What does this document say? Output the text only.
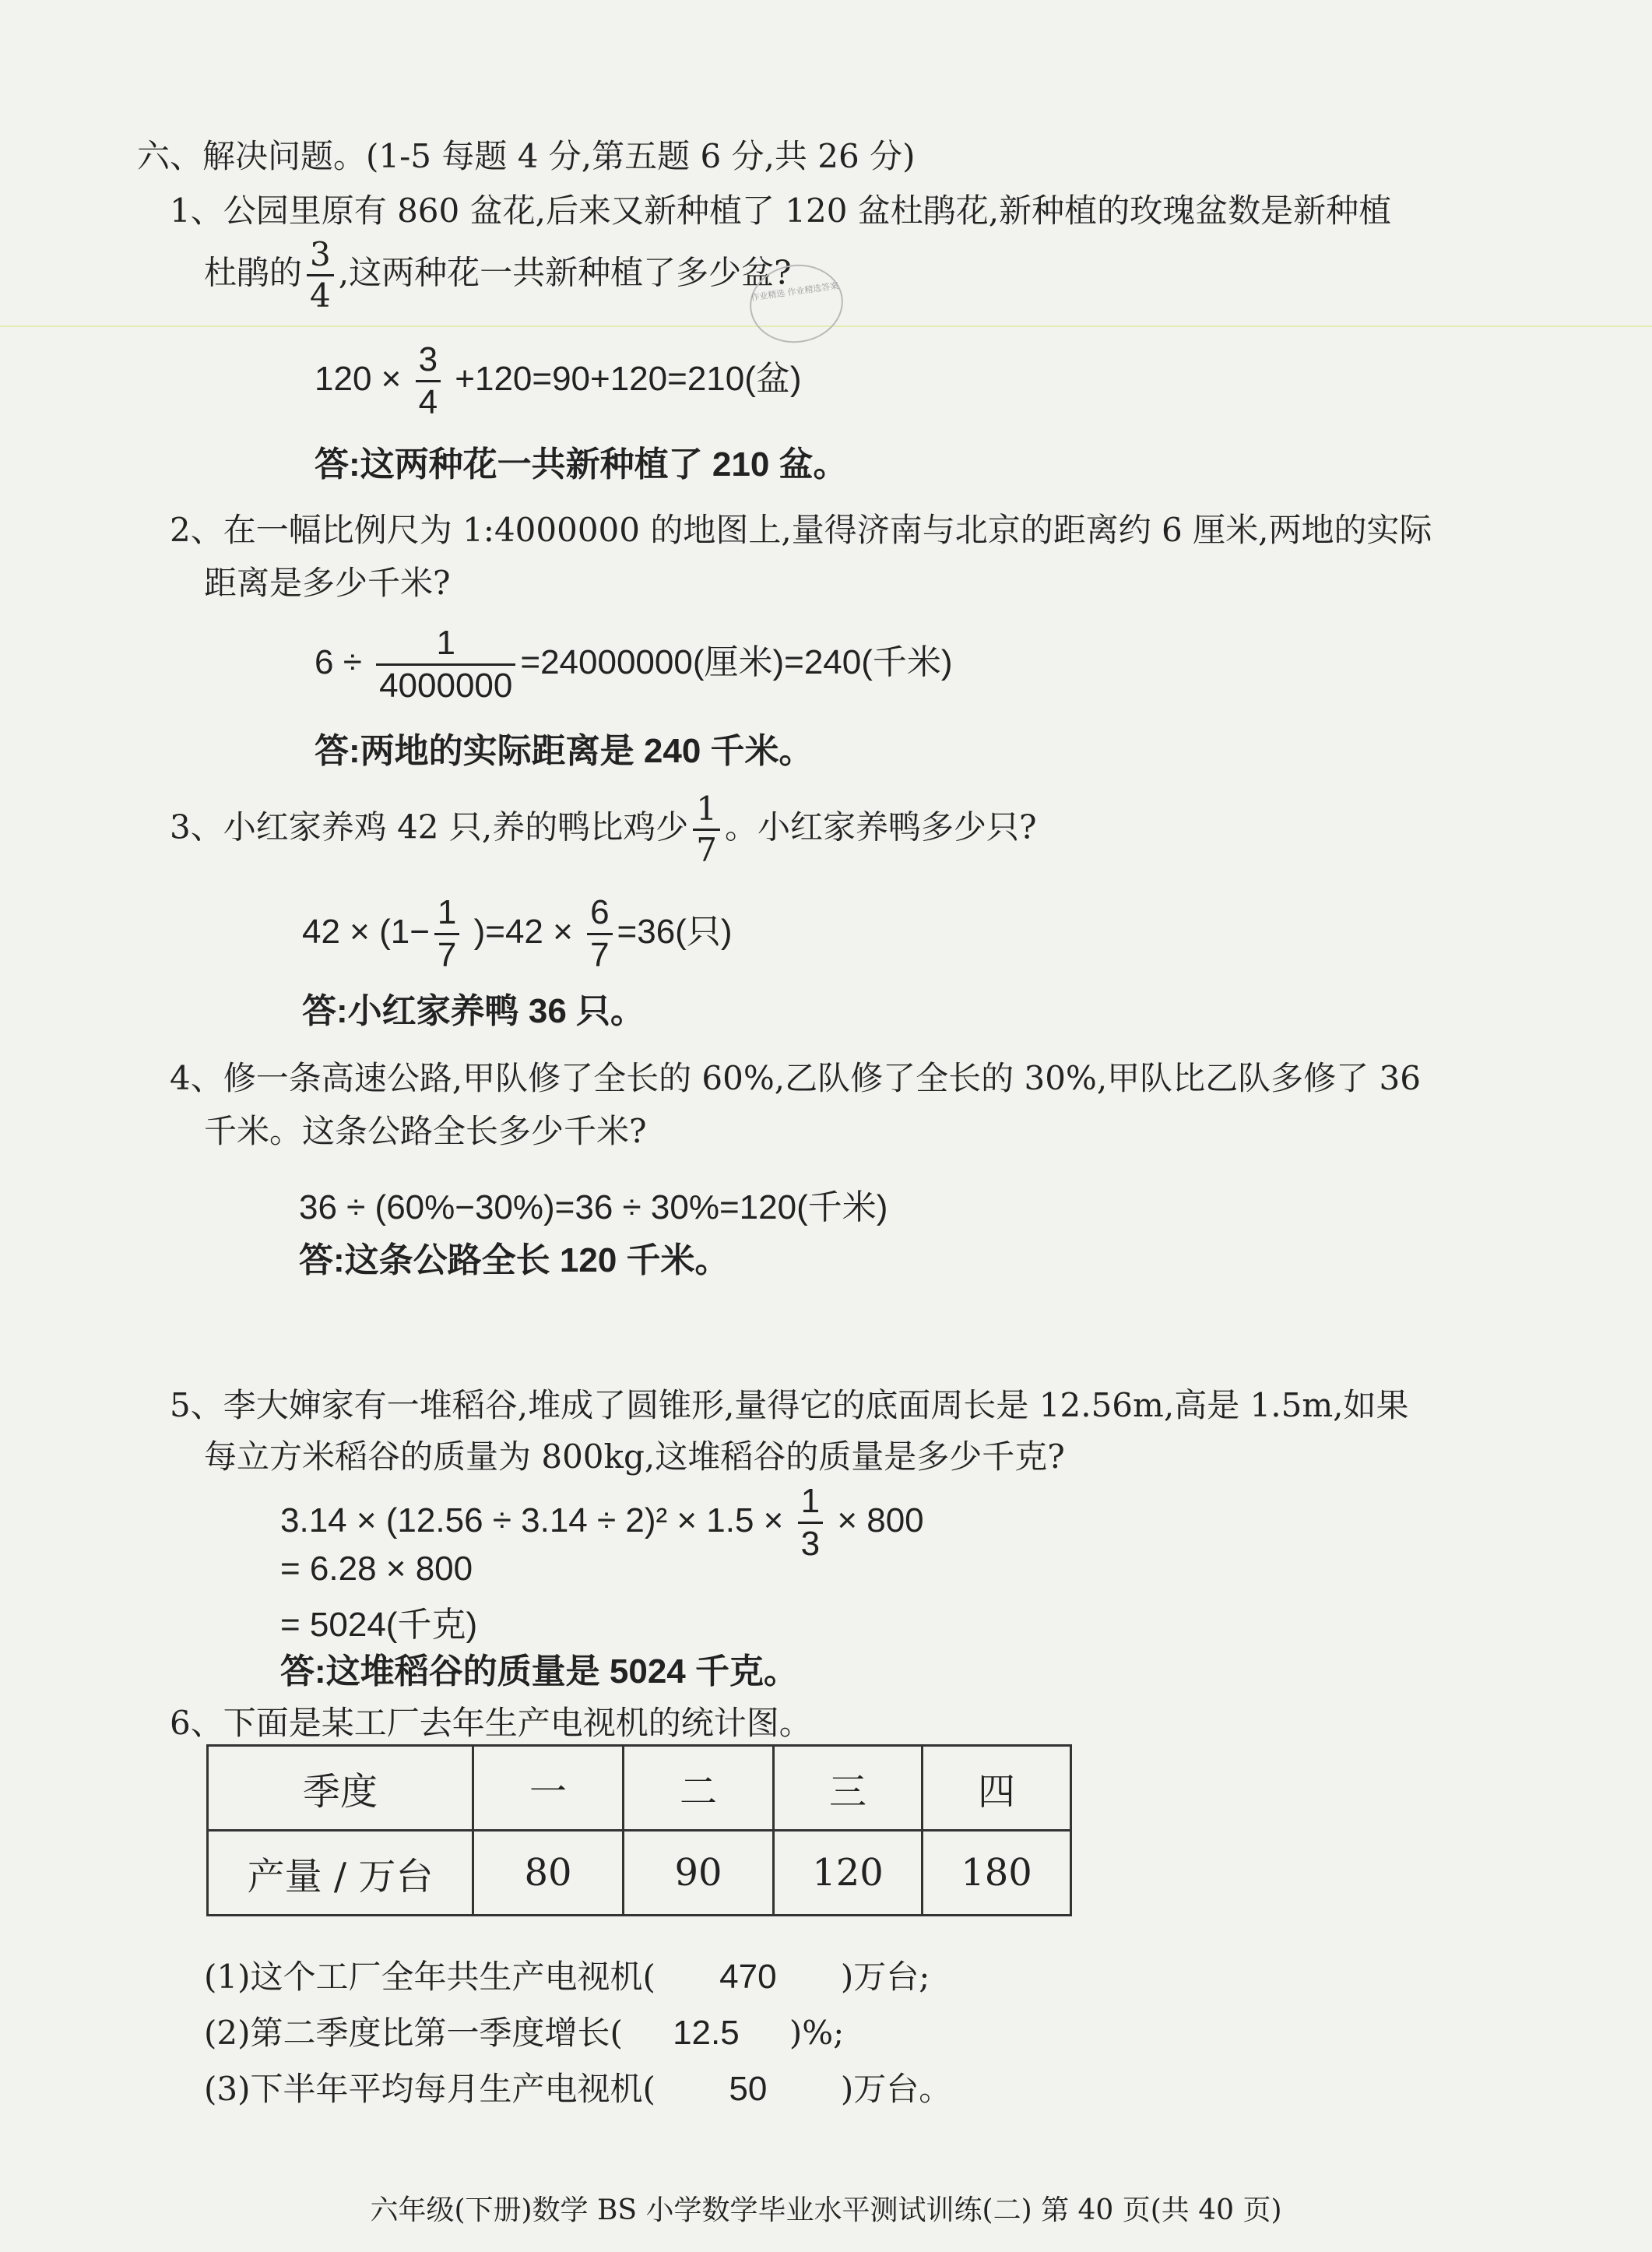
六、解决问题。(1-5 每题 4 分,第五题 6 分,共 26 分)
1、公园里原有 860 盆花,后来又新种植了 120 盆杜鹃花,新种植的玫瑰盆数是新种植
杜鹃的 $\frac{3}{4}$ ,这两种花一共新种植了多少盆?
作业精选 作业精选答案
$120 \times \frac{3}{4} +120=90+120=210$(盆)
答:这两种花一共新种植了 210 盆。
2、在一幅比例尺为 1:4000000 的地图上,量得济南与北京的距离约 6 厘米,两地的实际
距离是多少千米?
$6 \div \frac{1}{4000000} =24000000$(厘米)=240(千米)
答:两地的实际距离是 240 千米。
3、小红家养鸡 42 只,养的鸭比鸡少 $\frac{1}{7}$ 。小红家养鸭多少只?
$42 \times (1- \frac{1}{7} )=42 \times \frac{6}{7} =36$(只)
答:小红家养鸭 36 只。
4、修一条高速公路,甲队修了全长的 60%,乙队修了全长的 30%,甲队比乙队多修了 36
千米。这条公路全长多少千米?
36 ÷ (60%−30%)=36 ÷ 30%=120(千米)
答:这条公路全长 120 千米。
5、李大婶家有一堆稻谷,堆成了圆锥形,量得它的底面周长是 12.56m,高是 1.5m,如果
每立方米稻谷的质量为 800kg,这堆稻谷的质量是多少千克?
$3.14 \times (12.56 \div 3.14 \div 2)^2 \times 1.5 \times \frac{1}{3} \times 800$
= 6.28 × 800
= 5024(千克)
答:这堆稻谷的质量是 5024 千克。
6、下面是某工厂去年生产电视机的统计图。
季度	一	二	三	四
产量 / 万台	80	90	120	180
(1)这个工厂全年共生产电视机( 470 )万台;
(2)第二季度比第一季度增长( 12.5 )%;
(3)下半年平均每月生产电视机( 50 )万台。
六年级(下册)数学 BS 小学数学毕业水平测试训练(二) 第 40 页(共 40 页)
